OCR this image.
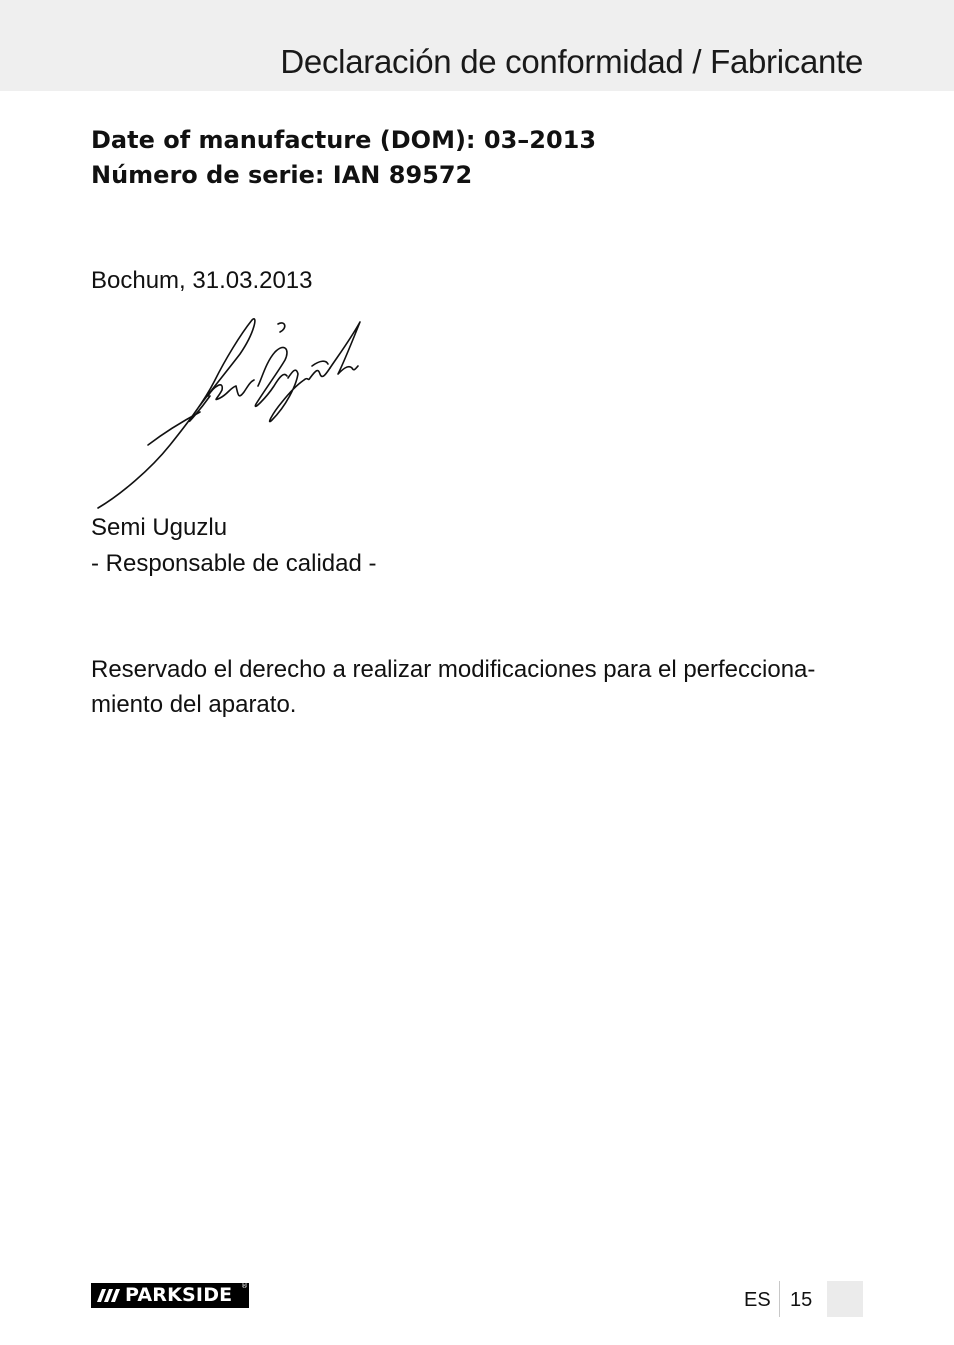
Declaración de conformidad / Fabricante

Date of manufacture (DOM): 03–2013

Número de serie: IAN 89572

Bochum, 31.03.2013

Semi Uguzlu

- Responsable de calidad -

Reservado el derecho a realizar modificaciones para el perfecciona-

miento del aparato.

PARKSIDE ®
ES 15
